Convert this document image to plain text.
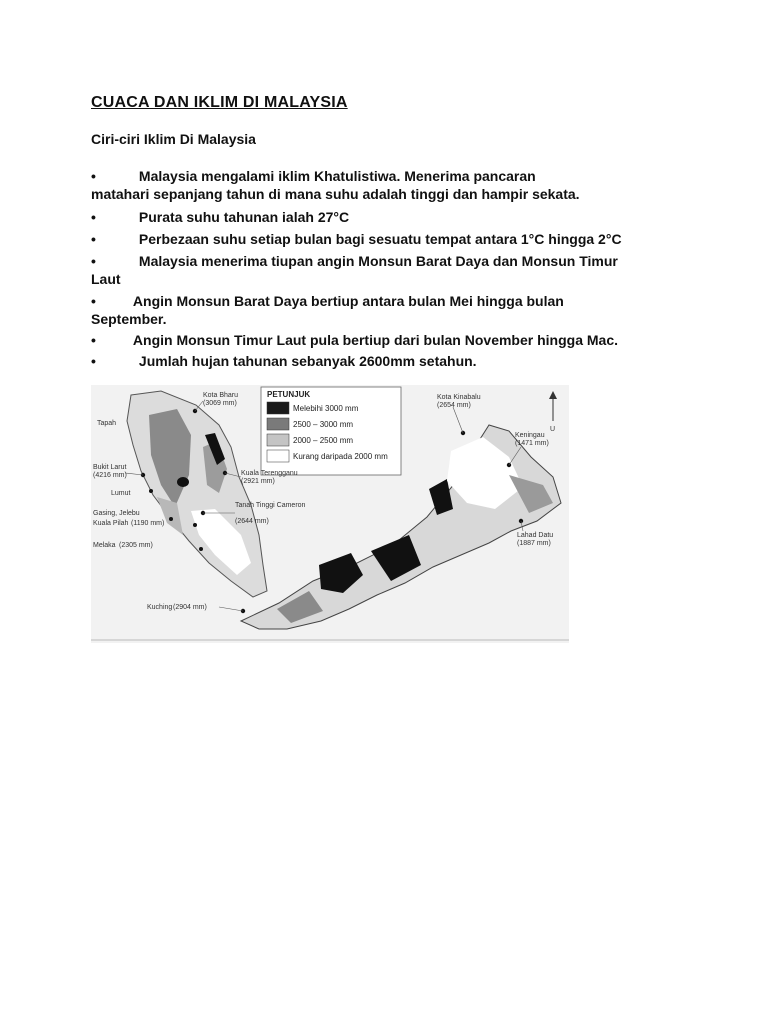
CUACA DAN IKLIM DI MALAYSIA
Ciri-ciri Iklim Di Malaysia
•	Malaysia mengalami iklim Khatulistiwa. Menerima pancaran
matahari sepanjang tahun di mana suhu adalah tinggi dan hampir sekata.
•	Purata suhu tahunan ialah 27°C
•	Perbezaan suhu setiap bulan bagi sesuatu tempat antara 1°C hingga 2°C
•	Malaysia menerima tiupan angin Monsun Barat Daya dan Monsun Timur
Laut
•	Angin Monsun Barat Daya bertiup antara bulan Mei hingga bulan
September.
•	Angin Monsun Timur Laut pula bertiup dari bulan November hingga Mac.
•	Jumlah hujan tahunan sebanyak 2600mm setahun.
PETUNJUK
Melebihi 3000 mm
2500 – 3000 mm
2000 – 2500 mm
Kurang daripada 2000 mm
U
Kota Bharu
(3069 mm)
Kuala Terengganu
(2921 mm)
Tanah Tinggi Cameron
(2644 mm)
Bukit Larut
(4216 mm)
Lumut
Gasing, Jelebu
Kuala Pilah (1190 mm)
Melaka (2305 mm)
Tapah
Kuching (2904 mm)
Kota Kinabalu
(2654 mm)
Keningau
(1471 mm)
Lahad Datu
(1887 mm)
